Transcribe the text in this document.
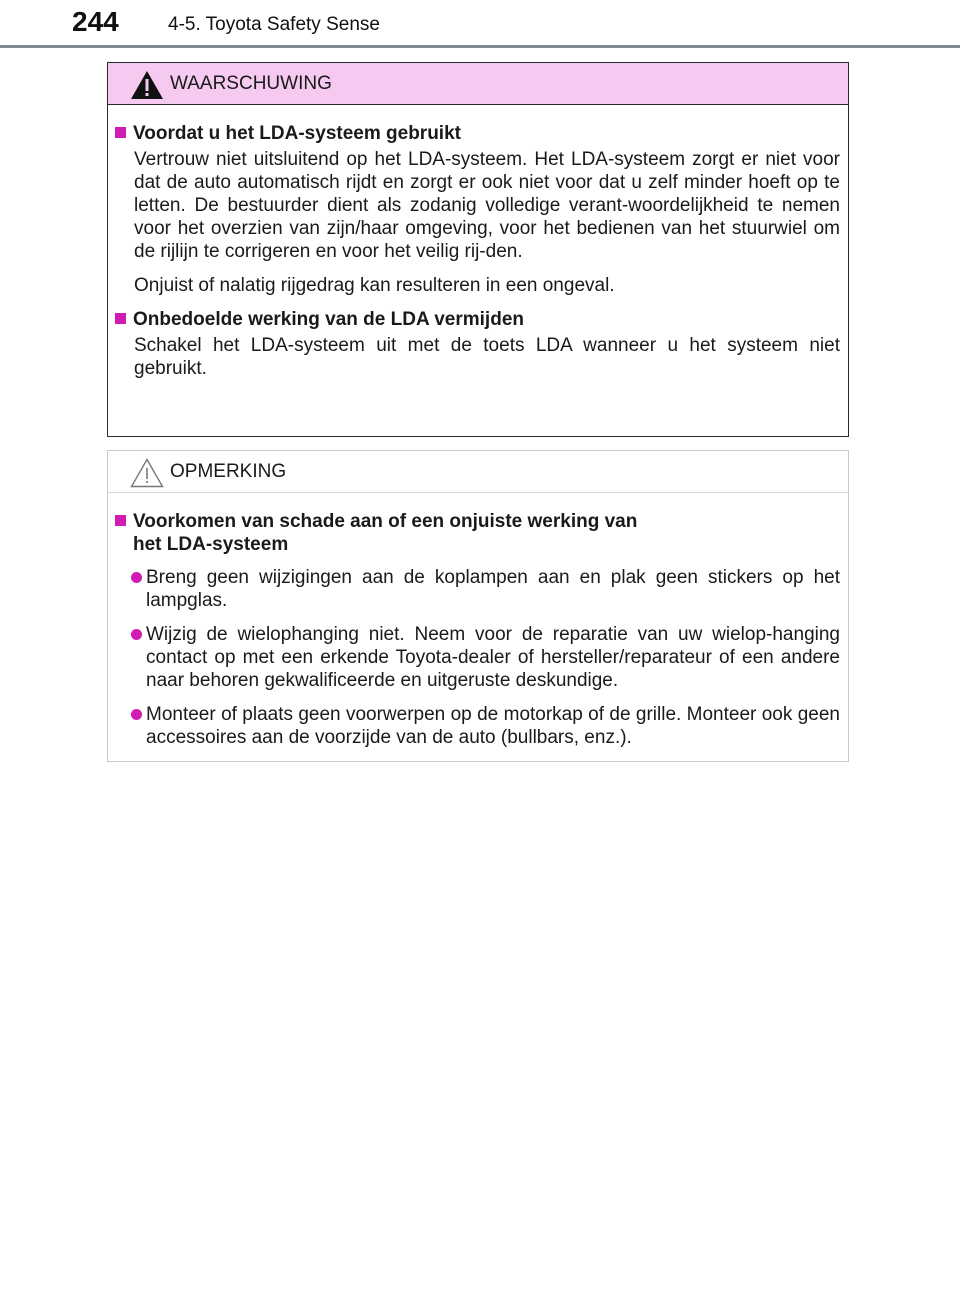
244	4-5. Toyota Safety Sense
WAARSCHUWING
Voordat u het LDA-systeem gebruikt
Vertrouw niet uitsluitend op het LDA-systeem. Het LDA-systeem zorgt er niet voor dat de auto automatisch rijdt en zorgt er ook niet voor dat u zelf minder hoeft op te letten. De bestuurder dient als zodanig volledige verant-woordelijkheid te nemen voor het overzien van zijn/haar omgeving, voor het bedienen van het stuurwiel om de rijlijn te corrigeren en voor het veilig rij-den.
Onjuist of nalatig rijgedrag kan resulteren in een ongeval.
Onbedoelde werking van de LDA vermijden
Schakel het LDA-systeem uit met de toets LDA wanneer u het systeem niet gebruikt.
OPMERKING
Voorkomen van schade aan of een onjuiste werking van
het LDA-systeem
Breng geen wijzigingen aan de koplampen aan en plak geen stickers op het lampglas.
Wijzig de wielophanging niet. Neem voor de reparatie van uw wielop-hanging contact op met een erkende Toyota-dealer of hersteller/reparateur of een andere naar behoren gekwalificeerde en uitgeruste deskundige.
Monteer of plaats geen voorwerpen op de motorkap of de grille. Monteer ook geen accessoires aan de voorzijde van de auto (bullbars, enz.).
